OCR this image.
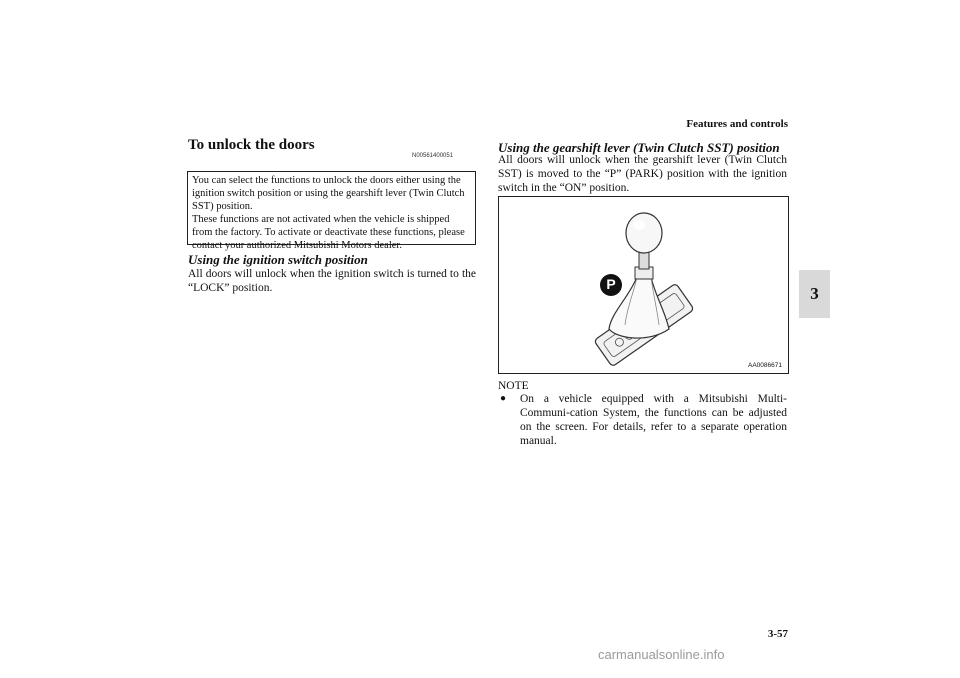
Features and controls
3
To unlock the doors
N00561400051

You can select the functions to unlock the doors either using the ignition switch position or using the gearshift lever (Twin Clutch SST) position.

These functions are not activated when the vehicle is shipped from the factory. To activate or deactivate these functions, please contact your authorized Mitsubishi Motors dealer.

Using the ignition switch position
All doors will unlock when the ignition switch is turned to the “LOCK” position.
Using the gearshift lever (Twin Clutch SST) position
All doors will unlock when the gearshift lever (Twin Clutch SST) is moved to the “P” (PARK) position with the ignition switch in the “ON” position.
P
AA0086671
NOTE
●	On a vehicle equipped with a Mitsubishi Multi-Communi-cation System, the functions can be adjusted on the screen. For details, refer to a separate operation manual.
3-57
carmanualsonline.info
